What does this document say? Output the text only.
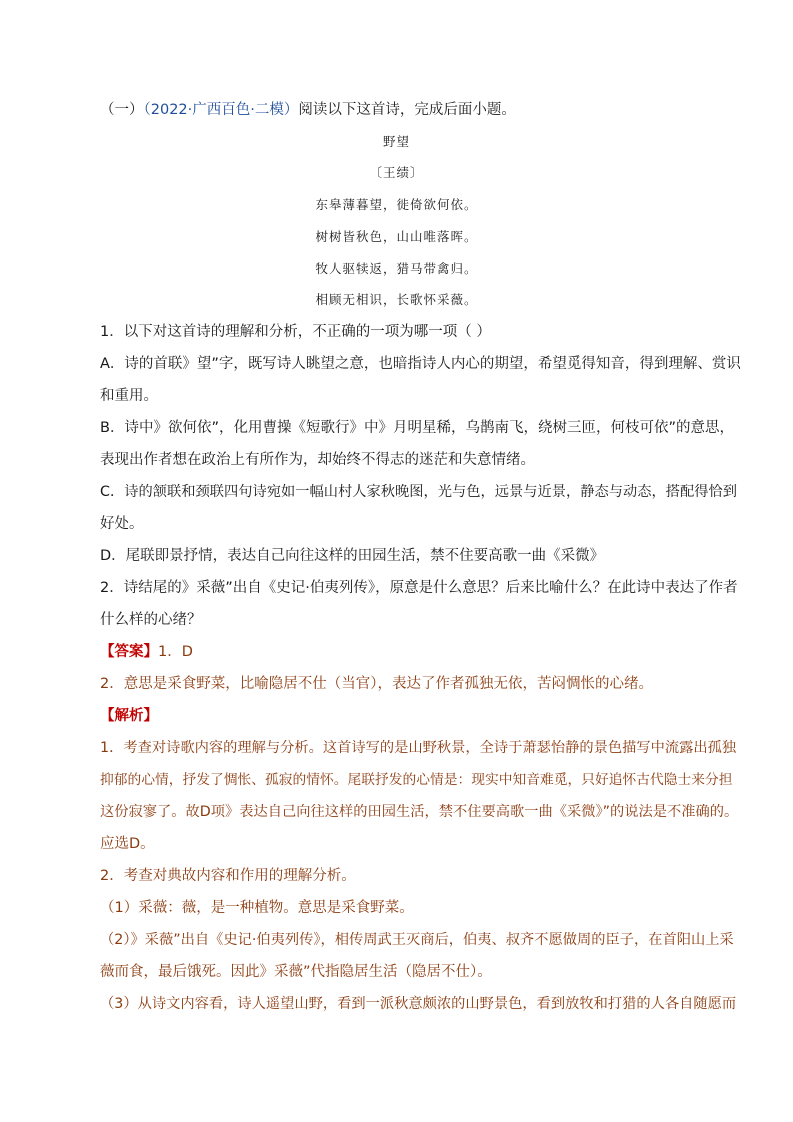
（一）（2022·广西百色·二模）阅读以下这首诗，完成后面小题。
野望
〔王绩〕
东皋薄暮望，徙倚欲何依。
树树皆秋色，山山唯落晖。
牧人驱犊返，猎马带禽归。
相顾无相识，长歌怀采薇。
1．以下对这首诗的理解和分析，不正确的一项为哪一项（ ）
A．诗的首联》望”字，既写诗人眺望之意，也暗指诗人内心的期望，希望觅得知音，得到理解、赏识
和重用。
B．诗中》欲何依”，化用曹操《短歌行》中》月明星稀，乌鹊南飞，绕树三匝，何枝可依”的意思，
表现出作者想在政治上有所作为，却始终不得志的迷茫和失意情绪。
C．诗的颔联和颈联四句诗宛如一幅山村人家秋晚图，光与色，远景与近景，静态与动态，搭配得恰到
好处。
D．尾联即景抒情，表达自己向往这样的田园生活，禁不住要高歌一曲《采微》
2．诗结尾的》采薇”出自《史记·伯夷列传》，原意是什么意思？后来比喻什么？在此诗中表达了作者
什么样的心绪？
【答案】1．D
2．意思是采食野菜，比喻隐居不仕（当官），表达了作者孤独无依，苦闷惆怅的心绪。
【解析】
1．考查对诗歌内容的理解与分析。这首诗写的是山野秋景，全诗于萧瑟怡静的景色描写中流露出孤独
抑郁的心情，抒发了惆怅、孤寂的情怀。尾联抒发的心情是：现实中知音难觅，只好追怀古代隐士来分担
这份寂寥了。故D项》表达自己向往这样的田园生活，禁不住要高歌一曲《采微》”的说法是不准确的。
应选D。
2．考查对典故内容和作用的理解分析。
（1）采薇：薇，是一种植物。意思是采食野菜。
（2）》采薇”出自《史记·伯夷列传》，相传周武王灭商后，伯夷、叔齐不愿做周的臣子，在首阳山上采
薇而食，最后饿死。因此》采薇”代指隐居生活（隐居不仕）。
（3）从诗文内容看，诗人遥望山野，看到一派秋意颇浓的山野景色，看到放牧和打猎的人各自随愿而
